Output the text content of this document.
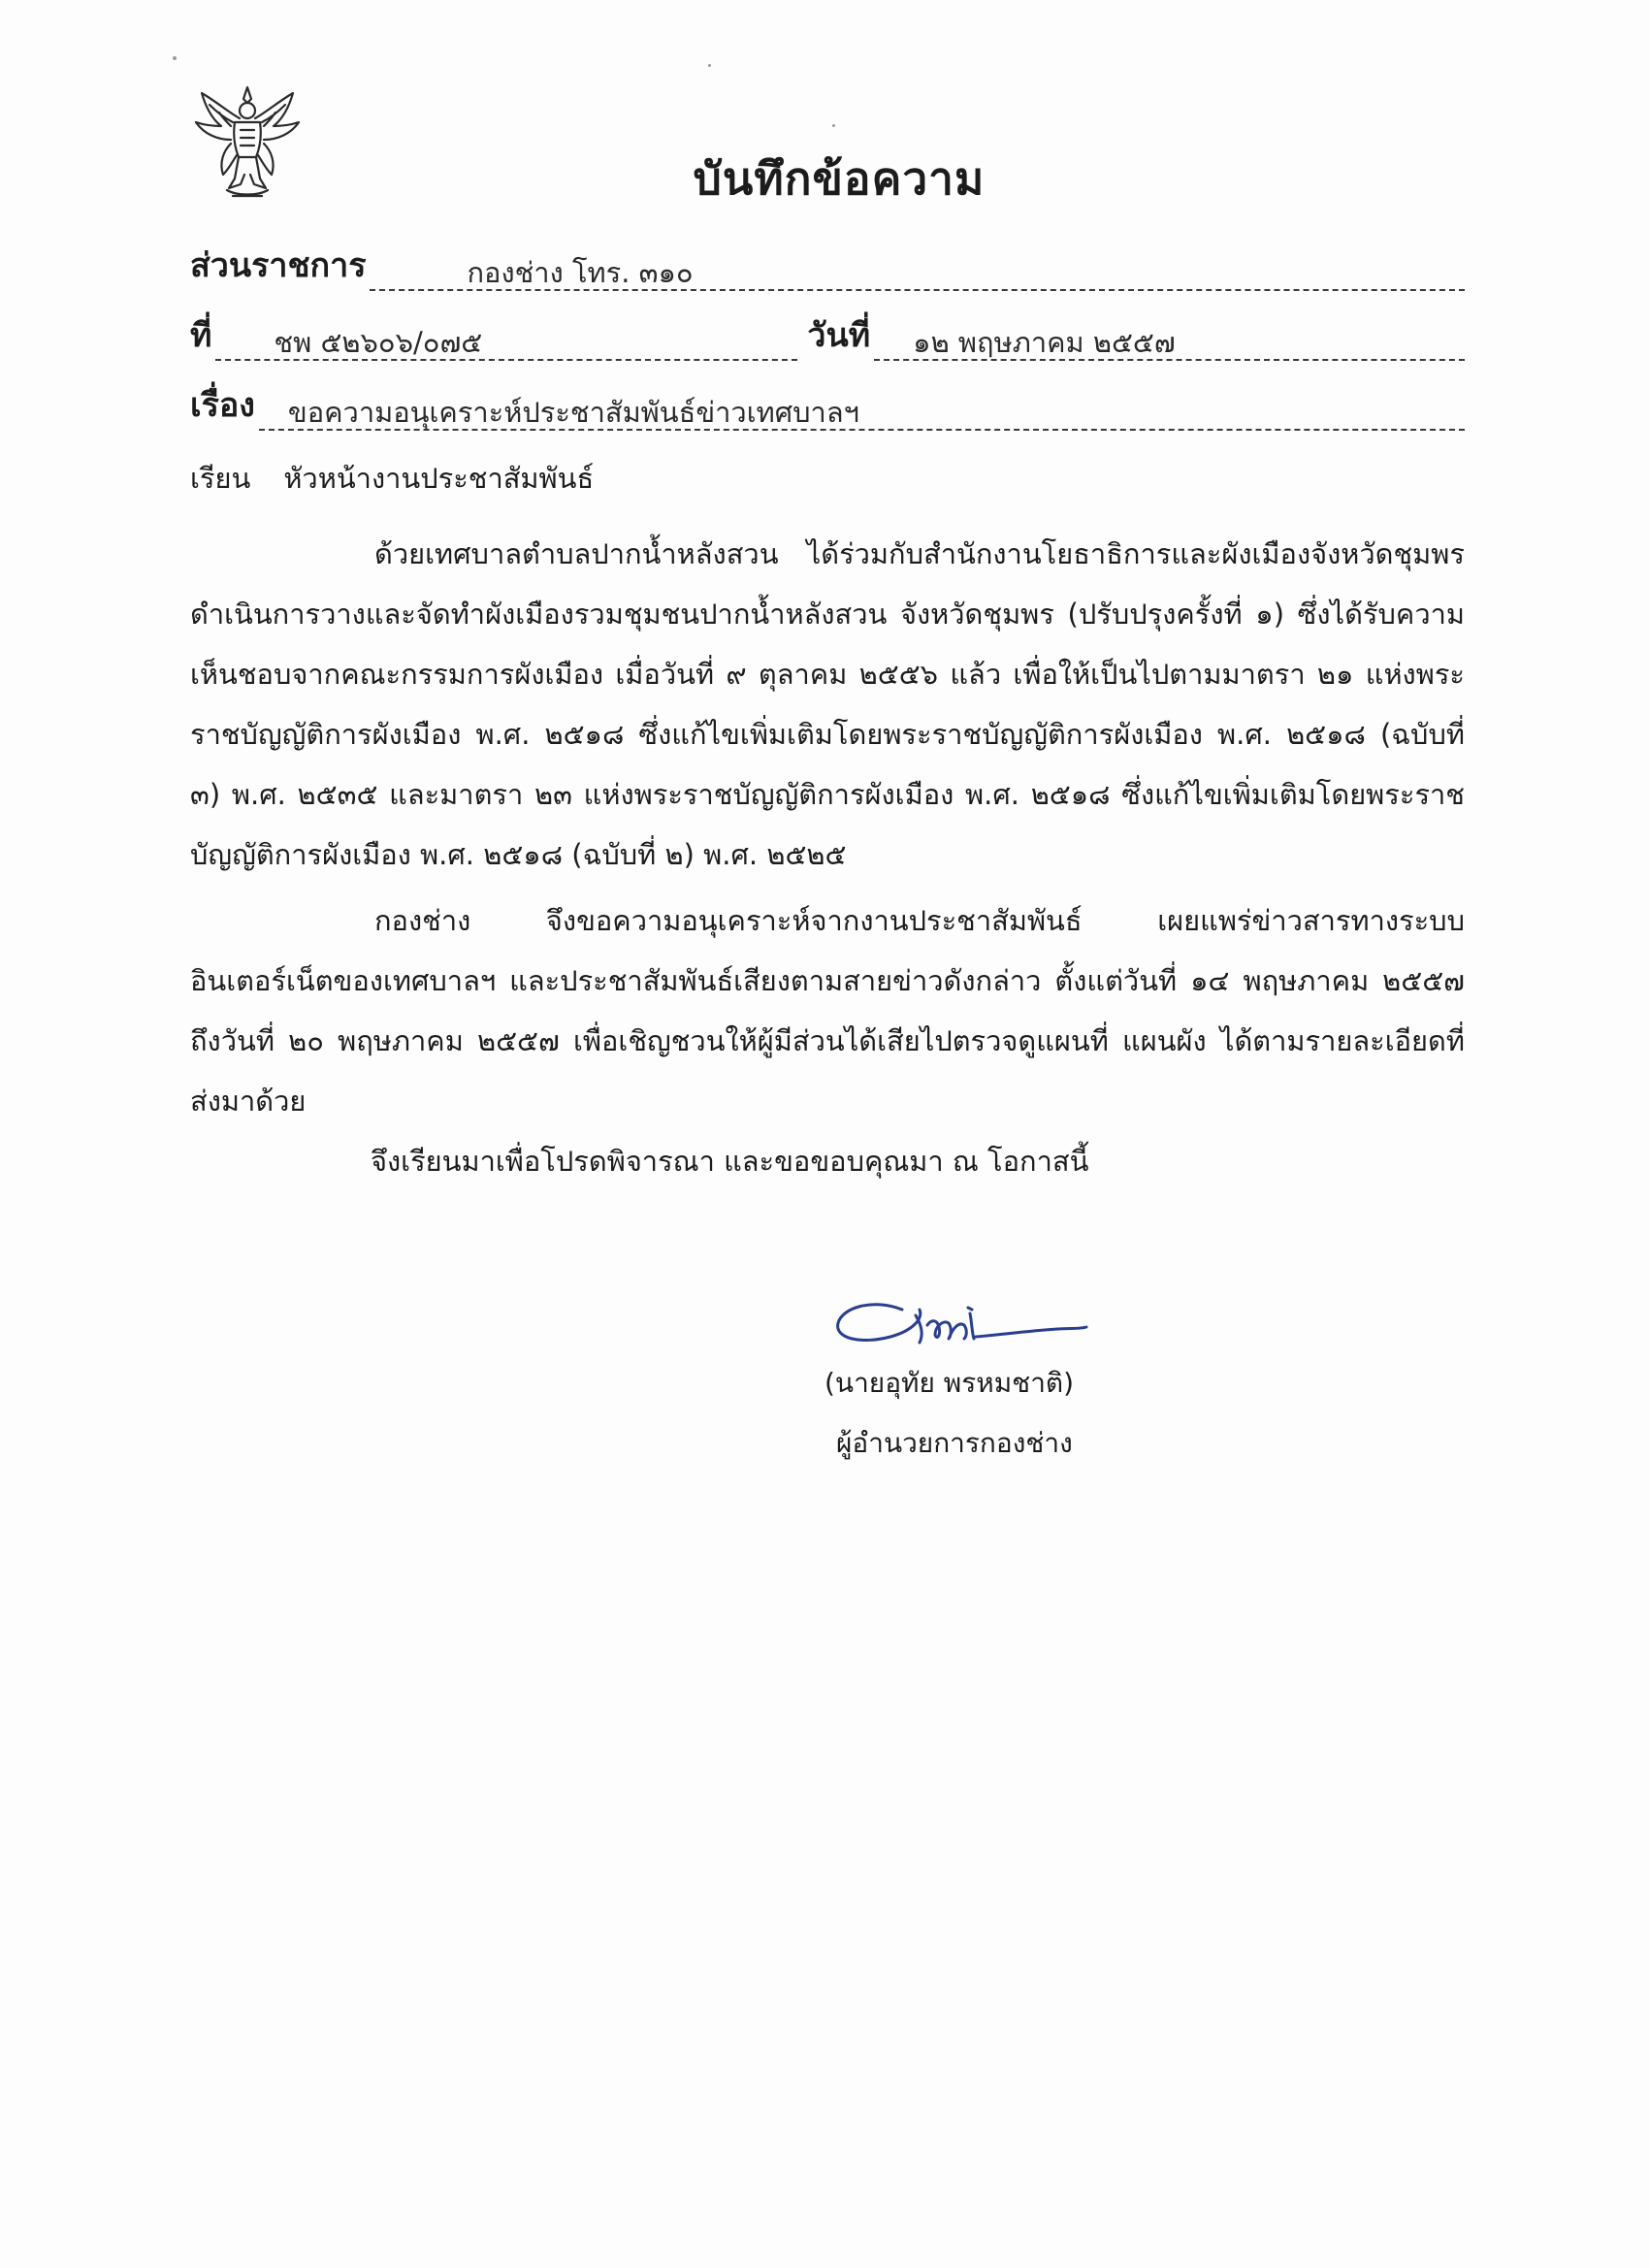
บันทึกข้อความ
ส่วนราชการ	กองช่าง โทร. ๓๑๐
ที่	ชพ ๕๒๖๐๖/๐๗๕	วันที่	๑๒ พฤษภาคม ๒๕๕๗
เรื่อง	ขอความอนุเคราะห์ประชาสัมพันธ์ข่าวเทศบาลฯ
เรียน หัวหน้างานประชาสัมพันธ์

ด้วยเทศบาลตำบลปากน้ำหลังสวน ได้ร่วมกับสำนักงานโยธาธิการและผังเมืองจังหวัดชุมพร ดำเนินการวางและจัดทำผังเมืองรวมชุมชนปากน้ำหลังสวน จังหวัดชุมพร (ปรับปรุงครั้งที่ ๑) ซึ่งได้รับความเห็นชอบจากคณะกรรมการผังเมือง เมื่อวันที่ ๙ ตุลาคม ๒๕๕๖ แล้ว เพื่อให้เป็นไปตามมาตรา ๒๑ แห่งพระราชบัญญัติการผังเมือง พ.ศ. ๒๕๑๘ ซึ่งแก้ไขเพิ่มเติมโดยพระราชบัญญัติการผังเมือง พ.ศ. ๒๕๑๘ (ฉบับที่ ๓) พ.ศ. ๒๕๓๕ และมาตรา ๒๓ แห่งพระราชบัญญัติการผังเมือง พ.ศ. ๒๕๑๘ ซึ่งแก้ไขเพิ่มเติมโดยพระราชบัญญัติการผังเมือง พ.ศ. ๒๕๑๘ (ฉบับที่ ๒) พ.ศ. ๒๕๒๕

กองช่าง จึงขอความอนุเคราะห์จากงานประชาสัมพันธ์ เผยแพร่ข่าวสารทางระบบอินเตอร์เน็ตของเทศบาลฯ และประชาสัมพันธ์เสียงตามสายข่าวดังกล่าว ตั้งแต่วันที่ ๑๔ พฤษภาคม ๒๕๕๗ ถึงวันที่ ๒๐ พฤษภาคม ๒๕๕๗ เพื่อเชิญชวนให้ผู้มีส่วนได้เสียไปตรวจดูแผนที่ แผนผัง ได้ตามรายละเอียดที่ส่งมาด้วย

จึงเรียนมาเพื่อโปรดพิจารณา และขอขอบคุณมา ณ โอกาสนี้

(นายอุทัย พรหมชาติ)
ผู้อำนวยการกองช่าง
